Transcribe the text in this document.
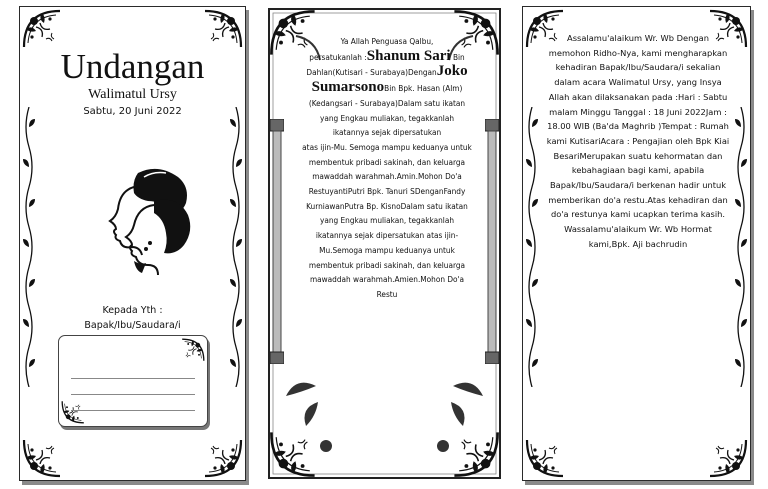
Undangan
Walimatul Ursy
Sabtu, 20 Juni 2022
Kepada Yth :
Bapak/Ibu/Saudara/i
Ya Allah Penguasa Qalbu,
persatukanlah :Shanum Sari Bin Dahlan(Kutisari - Surabaya)DenganJoko SumarsonoBin Bpk. Hasan (Alm)(Kedangsari - Surabaya)Dalam satu ikatan yang Engkau muliakan, tegakkanlah ikatannya sejak dipersatukan
atas ijin-Mu. Semoga mampu keduanya untuk membentuk pribadi sakinah, dan keluarga mawaddah warahmah.Amin.Mohon Do'a RestuyantiPutri Bpk. Tanuri SDenganFandy KurniawanPutra Bp. KisnoDalam satu ikatan yang Engkau muliakan, tegakkanlah ikatannya sejak dipersatukan atas ijin-Mu.Semoga mampu keduanya untuk membentuk pribadi sakinah, dan keluarga mawaddah warahmah.Amien.Mohon Do'a Restu
Assalamu'alaikum Wr. Wb Dengan memohon Ridho-Nya, kami mengharapkan kehadiran Bapak/Ibu/Saudara/i sekalian dalam acara Walimatul Ursy, yang Insya Allah akan dilaksanakan pada :Hari : Sabtu malam Minggu Tanggal : 18 Juni 2022Jam : 18.00 WIB (Ba'da Maghrib )Tempat : Rumah kami KutisariAcara : Pengajian oleh Bpk Kiai BesariMerupakan suatu kehormatan dan kebahagiaan bagi kami, apabila Bapak/Ibu/Saudara/i berkenan hadir untuk memberikan do'a restu.Atas kehadiran dan do'a restunya kami ucapkan terima kasih. Wassalamu'alaikum Wr. Wb Hormat kami,Bpk. Aji bachrudin
